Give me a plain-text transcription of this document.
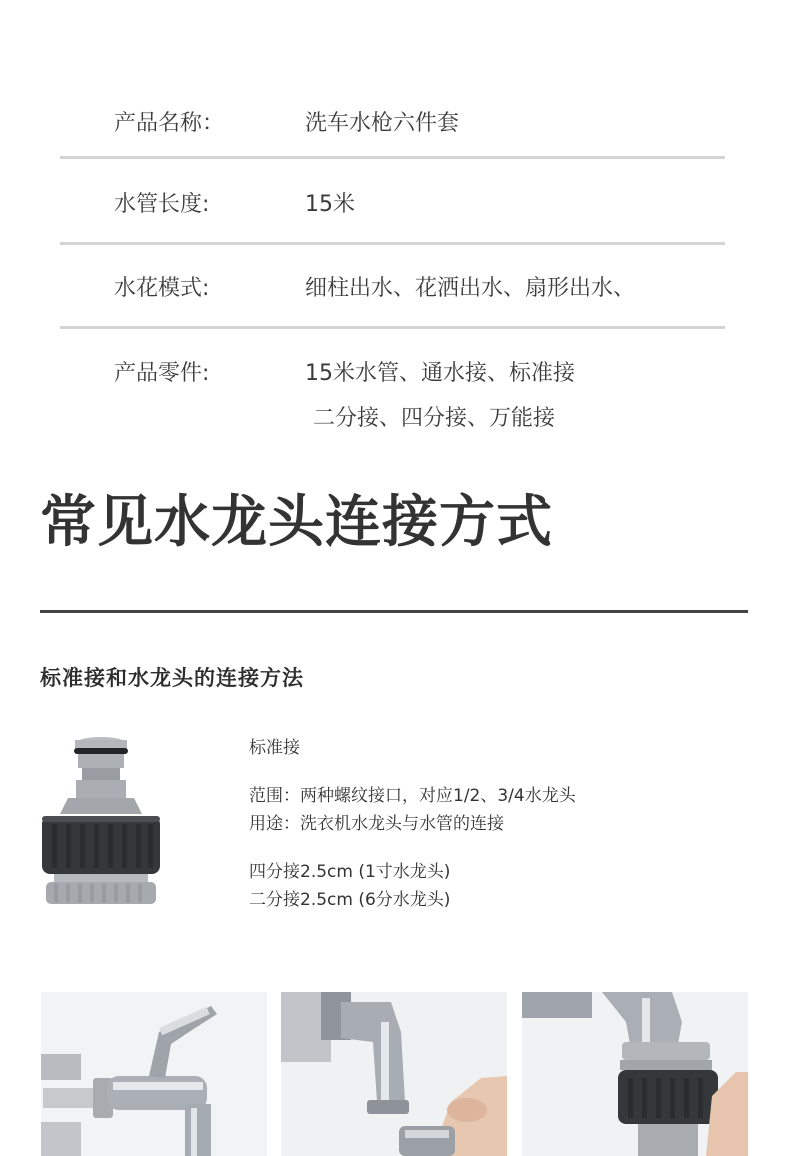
产品名称：	洗车水枪六件套
水管长度:	15米
水花模式:	细柱出水、花洒出水、扇形出水、
产品零件:	15米水管、通水接、标准接
二分接、四分接、万能接
常见水龙头连接方式
标准接和水龙头的连接方法
标准接
范围：两种螺纹接口，对应1/2、3/4水龙头
用途：洗衣机水龙头与水管的连接
四分接2.5cm (1寸水龙头)
二分接2.5cm (6分水龙头)
